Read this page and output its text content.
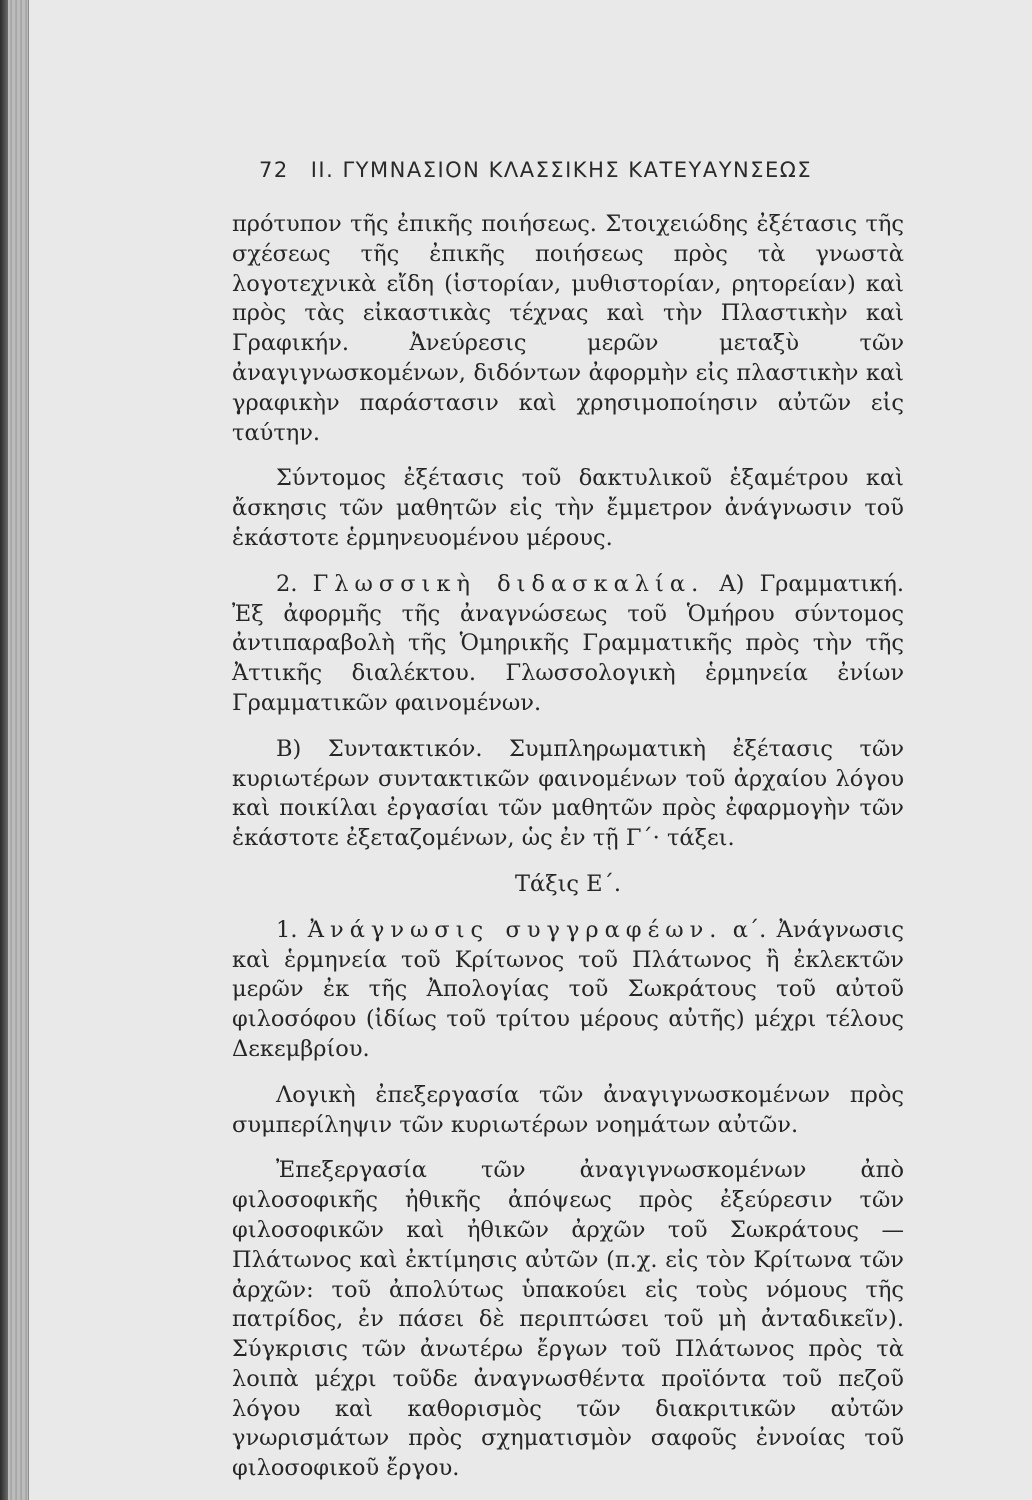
72 II. ΓΥΜΝΑΣΙΟΝ ΚΛΑΣΣΙΚΗΣ ΚΑΤΕΥΑΥΝΣΕΩΣ

πρότυπον τῆς ἐπικῆς ποιήσεως. Στοιχειώδης ἐξέτασις τῆς σχέσεως τῆς ἐπικῆς ποιήσεως πρὸς τὰ γνωστὰ λογοτεχνικὰ εἴδη (ἱστορίαν, μυθιστορίαν, ρητορείαν) καὶ πρὸς τὰς εἰκαστικὰς τέχνας καὶ τὴν Πλαστικὴν καὶ Γραφικήν. Ἀνεύρεσις μερῶν μεταξὺ τῶν ἀναγιγνωσκομένων, διδόντων ἀφορμὴν εἰς πλαστικὴν καὶ γραφικὴν παράστασιν καὶ χρησιμοποίησιν αὐτῶν εἰς ταύτην.

Σύντομος ἐξέτασις τοῦ δακτυλικοῦ ἑξαμέτρου καὶ ἄσκησις τῶν μαθητῶν εἰς τὴν ἔμμετρον ἀνάγνωσιν τοῦ ἑκάστοτε ἑρμηνευομένου μέρους.

2. Γλωσσικὴ διδασκαλία. Α) Γραμματική. Ἐξ ἀφορμῆς τῆς ἀναγνώσεως τοῦ Ὁμήρου σύντομος ἀντιπαραβολὴ τῆς Ὁμηρικῆς Γραμματικῆς πρὸς τὴν τῆς Ἀττικῆς διαλέκτου. Γλωσσολογικὴ ἑρμηνεία ἐνίων Γραμματικῶν φαινομένων.

Β) Συντακτικόν. Συμπληρωματικὴ ἐξέτασις τῶν κυριωτέρων συντακτικῶν φαινομένων τοῦ ἀρχαίου λόγου καὶ ποικίλαι ἐργασίαι τῶν μαθητῶν πρὸς ἐφαρμογὴν τῶν ἑκάστοτε ἐξεταζομένων, ὡς ἐν τῇ Γ΄· τάξει.

Τάξις Ε΄.

1. Ἀνάγνωσις συγγραφέων. α΄. Ἀνάγνωσις καὶ ἑρμηνεία τοῦ Κρίτωνος τοῦ Πλάτωνος ἢ ἐκλεκτῶν μερῶν ἐκ τῆς Ἀπολογίας τοῦ Σωκράτους τοῦ αὐτοῦ φιλοσόφου (ἰδίως τοῦ τρίτου μέρους αὐτῆς) μέχρι τέλους Δεκεμβρίου.

Λογικὴ ἐπεξεργασία τῶν ἀναγιγνωσκομένων πρὸς συμπερίληψιν τῶν κυριωτέρων νοημάτων αὐτῶν.

Ἐπεξεργασία τῶν ἀναγιγνωσκομένων ἀπὸ φιλοσοφικῆς ἠθικῆς ἀπόψεως πρὸς ἐξεύρεσιν τῶν φιλοσοφικῶν καὶ ἠθικῶν ἀρχῶν τοῦ Σωκράτους — Πλάτωνος καὶ ἐκτίμησις αὐτῶν (π.χ. εἰς τὸν Κρίτωνα τῶν ἀρχῶν: τοῦ ἀπολύτως ὑπακούει εἰς τοὺς νόμους τῆς πατρίδος, ἐν πάσει δὲ περιπτώσει τοῦ μὴ ἀνταδικεῖν). Σύγκρισις τῶν ἀνωτέρω ἔργων τοῦ Πλάτωνος πρὸς τὰ λοιπὰ μέχρι τοῦδε ἀναγνωσθέντα προϊόντα τοῦ πεζοῦ λόγου καὶ καθορισμὸς τῶν διακριτικῶν αὐτῶν γνωρισμάτων πρὸς σχηματισμὸν σαφοῦς ἐννοίας τοῦ φιλοσοφικοῦ ἔργου.
